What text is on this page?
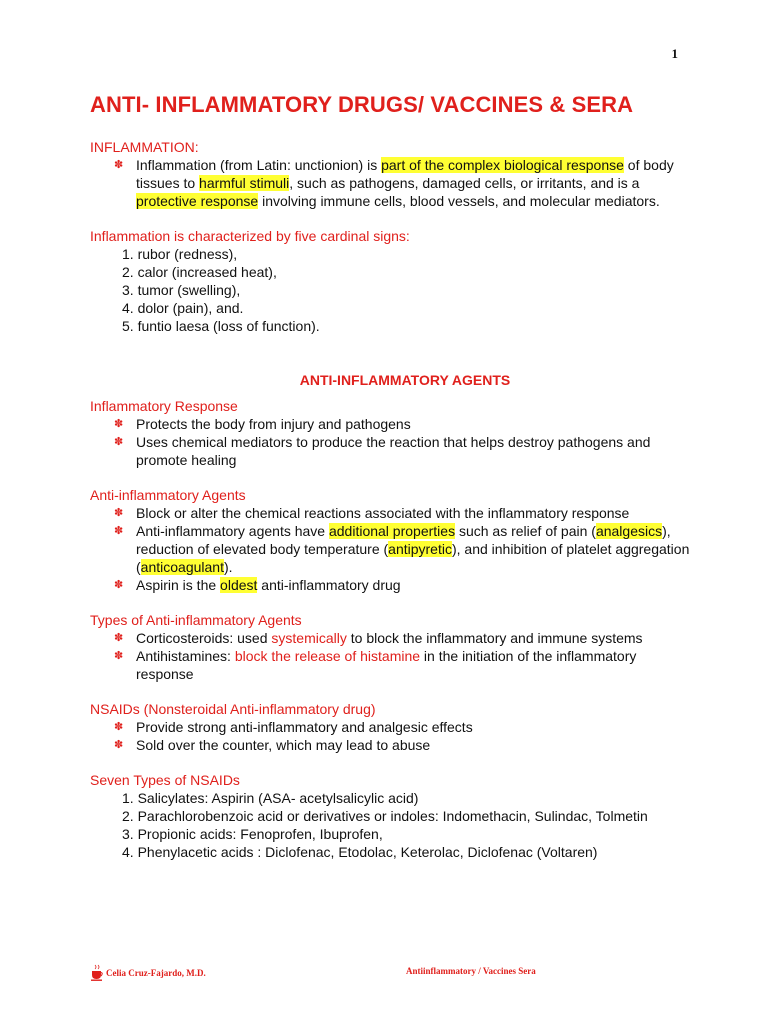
1
ANTI- INFLAMMATORY DRUGS/ VACCINES & SERA

INFLAMMATION:

✽ Inflammation (from Latin: unctionion) is part of the complex biological response of body tissues to harmful stimuli, such as pathogens, damaged cells, or irritants, and is a protective response involving immune cells, blood vessels, and molecular mediators.

Inflammation is characterized by five cardinal signs:

1. rubor (redness),
2. calor (increased heat),
3. tumor (swelling),
4. dolor (pain), and.
5. funtio laesa (loss of function).

ANTI-INFLAMMATORY AGENTS

Inflammatory Response

✽ Protects the body from injury and pathogens
✽ Uses chemical mediators to produce the reaction that helps destroy pathogens and promote healing

Anti-inflammatory Agents

✽ Block or alter the chemical reactions associated with the inflammatory response
✽ Anti-inflammatory agents have additional properties such as relief of pain (analgesics), reduction of elevated body temperature (antipyretic), and inhibition of platelet aggregation (anticoagulant).
✽ Aspirin is the oldest anti-inflammatory drug

Types of Anti-inflammatory Agents

✽ Corticosteroids: used systemically to block the inflammatory and immune systems
✽ Antihistamines: block the release of histamine in the initiation of the inflammatory response

NSAIDs (Nonsteroidal Anti-inflammatory drug)

✽ Provide strong anti-inflammatory and analgesic effects
✽ Sold over the counter, which may lead to abuse

Seven Types of NSAIDs

1. Salicylates: Aspirin (ASA- acetylsalicylic acid)
2. Parachlorobenzoic acid or derivatives or indoles: Indomethacin, Sulindac, Tolmetin
3. Propionic acids: Fenoprofen, Ibuprofen,
4. Phenylacetic acids : Diclofenac, Etodolac, Keterolac, Diclofenac (Voltaren)
Celia Cruz-Fajardo, M.D.	Antiinflammatory / Vaccines Sera
